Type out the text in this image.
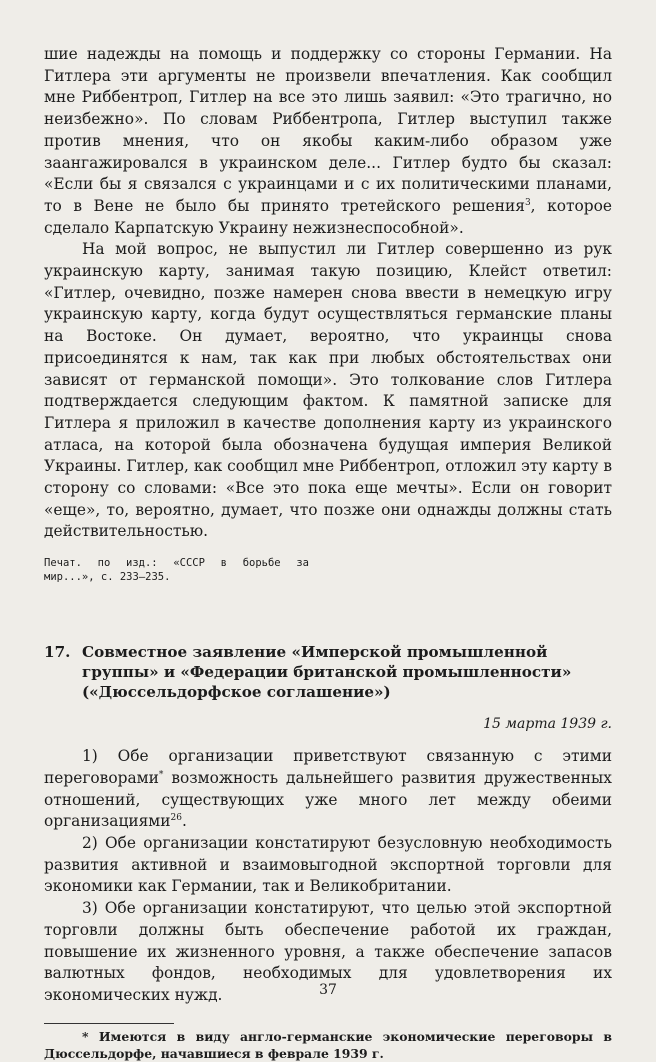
шие надежды на помощь и поддержку со стороны Германии. На Гитлера эти аргументы не произвели впечатления. Как сообщил мне Риббентроп, Гитлер на все это лишь заявил: «Это трагично, но неизбежно». По словам Риббентропа, Гитлер выступил также против мнения, что он якобы каким-либо образом уже заангажировался в украинском деле... Гитлер будто бы сказал: «Если бы я связался с украинцами и с их политическими планами, то в Вене не было бы принято третейского решения$^3$, которое сделало Карпатскую Украину нежизнеспособной».

На мой вопрос, не выпустил ли Гитлер совершенно из рук украинскую карту, занимая такую позицию, Клейст ответил: «Гитлер, очевидно, позже намерен снова ввести в немецкую игру украинскую карту, когда будут осуществляться германские планы на Востоке. Он думает, вероятно, что украинцы снова присоединятся к нам, так как при любых обстоятельствах они зависят от германской помощи». Это толкование слов Гитлера подтверждается следующим фактом. К памятной записке для Гитлера я приложил в качестве дополнения карту из украинского атласа, на которой была обозначена будущая империя Великой Украины. Гитлер, как сообщил мне Риббентроп, отложил эту карту в сторону со словами: «Все это пока еще мечты». Если он говорит «еще», то, вероятно, думает, что позже они однажды должны стать действительностью.

Печат. по изд.: «СССР в борьбе за мир...», с. 233—235.
17. Совместное заявление «Имперской промышленной группы» и «Федерации британской промышленности» («Дюссельдорфское соглашение»)
15 марта 1939 г.

1) Обе организации приветствуют связанную с этими переговорами* возможность дальнейшего развития дружественных отношений, существующих уже много лет между обеими организациями$^{26}$.

2) Обе организации констатируют безусловную необходимость развития активной и взаимовыгодной экспортной торговли для экономики как Германии, так и Великобритании.

3) Обе организации констатируют, что целью этой экспортной торговли должны быть обеспечение работой их граждан, повышение их жизненного уровня, а также обеспечение запасов валютных фондов, необходимых для удовлетворения их экономических нужд.

* Имеются в виду англо-германские экономические переговоры в Дюссельдорфе, начавшиеся в феврале 1939 г.

37
